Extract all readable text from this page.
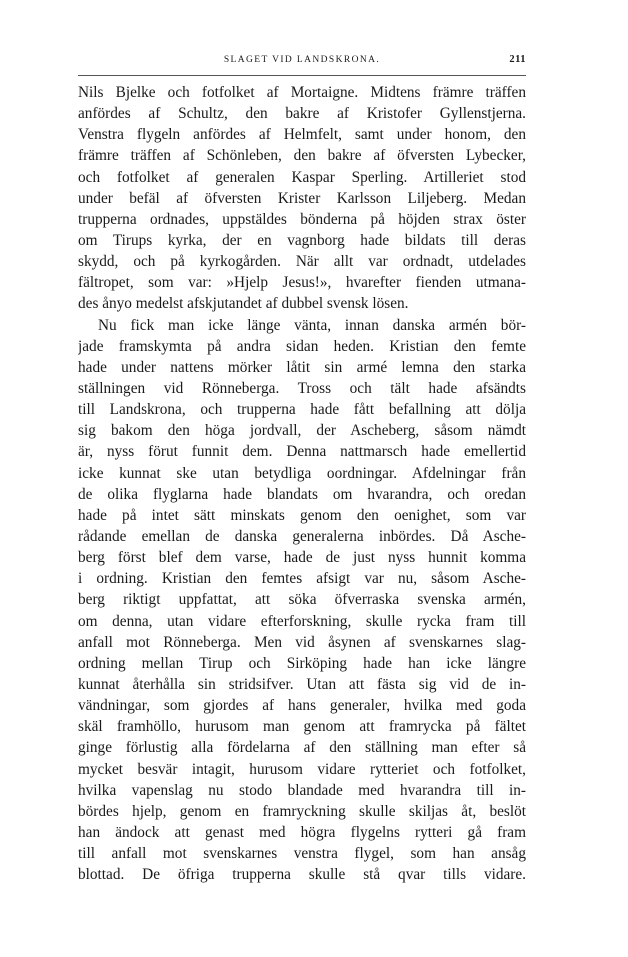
SLAGET VID LANDSKRONA.	211
Nils Bjelke och fotfolket af Mortaigne. Midtens främre träffen
anfördes af Schultz, den bakre af Kristofer Gyllenstjerna.
Venstra flygeln anfördes af Helmfelt, samt under honom, den
främre träffen af Schönleben, den bakre af öfversten Lybecker,
och fotfolket af generalen Kaspar Sperling. Artilleriet stod
under befäl af öfversten Krister Karlsson Liljeberg. Medan
trupperna ordnades, uppstäldes bönderna på höjden strax öster
om Tirups kyrka, der en vagnborg hade bildats till deras
skydd, och på kyrkogården. När allt var ordnadt, utdelades
fältropet, som var: »Hjelp Jesus!», hvarefter fienden utmana-
des ånyo medelst afskjutandet af dubbel svensk lösen.
Nu fick man icke länge vänta, innan danska armén bör-
jade framskymta på andra sidan heden. Kristian den femte
hade under nattens mörker låtit sin armé lemna den starka
ställningen vid Rönneberga. Tross och tält hade afsändts
till Landskrona, och trupperna hade fått befallning att dölja
sig bakom den höga jordvall, der Ascheberg, såsom nämdt
är, nyss förut funnit dem. Denna nattmarsch hade emellertid
icke kunnat ske utan betydliga oordningar. Afdelningar från
de olika flyglarna hade blandats om hvarandra, och oredan
hade på intet sätt minskats genom den oenighet, som var
rådande emellan de danska generalerna inbördes. Då Asche-
berg först blef dem varse, hade de just nyss hunnit komma
i ordning. Kristian den femtes afsigt var nu, såsom Asche-
berg riktigt uppfattat, att söka öfverraska svenska armén,
om denna, utan vidare efterforskning, skulle rycka fram till
anfall mot Rönneberga. Men vid åsynen af svenskarnes slag-
ordning mellan Tirup och Sirköping hade han icke längre
kunnat återhålla sin stridsifver. Utan att fästa sig vid de in-
vändningar, som gjordes af hans generaler, hvilka med goda
skäl framhöllo, hurusom man genom att framrycka på fältet
ginge förlustig alla fördelarna af den ställning man efter så
mycket besvär intagit, hurusom vidare rytteriet och fotfolket,
hvilka vapenslag nu stodo blandade med hvarandra till in-
bördes hjelp, genom en framryckning skulle skiljas åt, beslöt
han ändock att genast med högra flygelns rytteri gå fram
till anfall mot svenskarnes venstra flygel, som han ansåg
blottad. De öfriga trupperna skulle stå qvar tills vidare.
